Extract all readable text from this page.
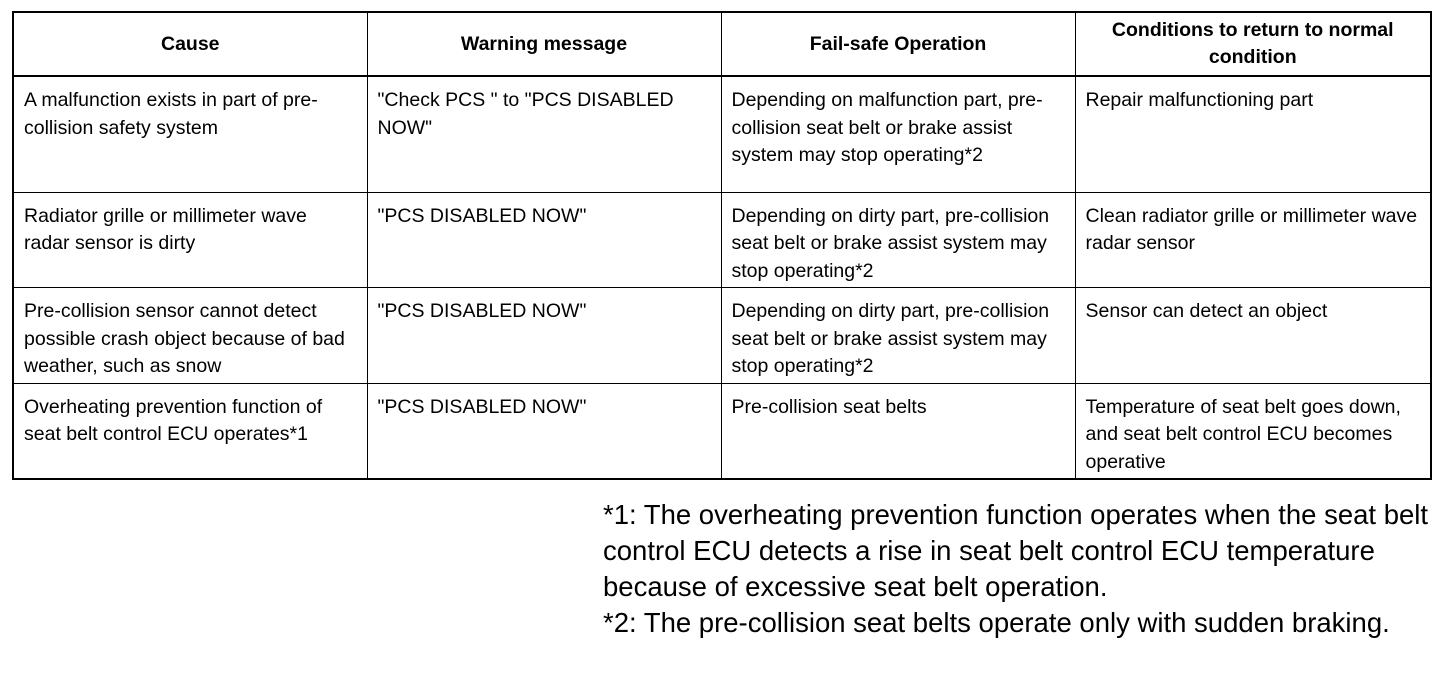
Cause	Warning message	Fail-safe Operation	Conditions to return to normal condition
A malfunction exists in part of pre-collision safety system	"Check PCS " to "PCS DISABLED NOW"	Depending on malfunction part, pre-collision seat belt or brake assist system may stop operating*2	Repair malfunctioning part
Radiator grille or millimeter wave radar sensor is dirty	"PCS DISABLED NOW"	Depending on dirty part, pre-collision seat belt or brake assist system may stop operating*2	Clean radiator grille or millimeter wave radar sensor
Pre-collision sensor cannot detect possible crash object because of bad weather, such as snow	"PCS DISABLED NOW"	Depending on dirty part, pre-collision seat belt or brake assist system may stop operating*2	Sensor can detect an object
Overheating prevention function of seat belt control ECU operates*1	"PCS DISABLED NOW"	Pre-collision seat belts	Temperature of seat belt goes down, and seat belt control ECU becomes operative

*1: The overheating prevention function operates when the seat belt control ECU detects a rise in seat belt control ECU temperature because of excessive seat belt operation.

*2: The pre-collision seat belts operate only with sudden braking.
